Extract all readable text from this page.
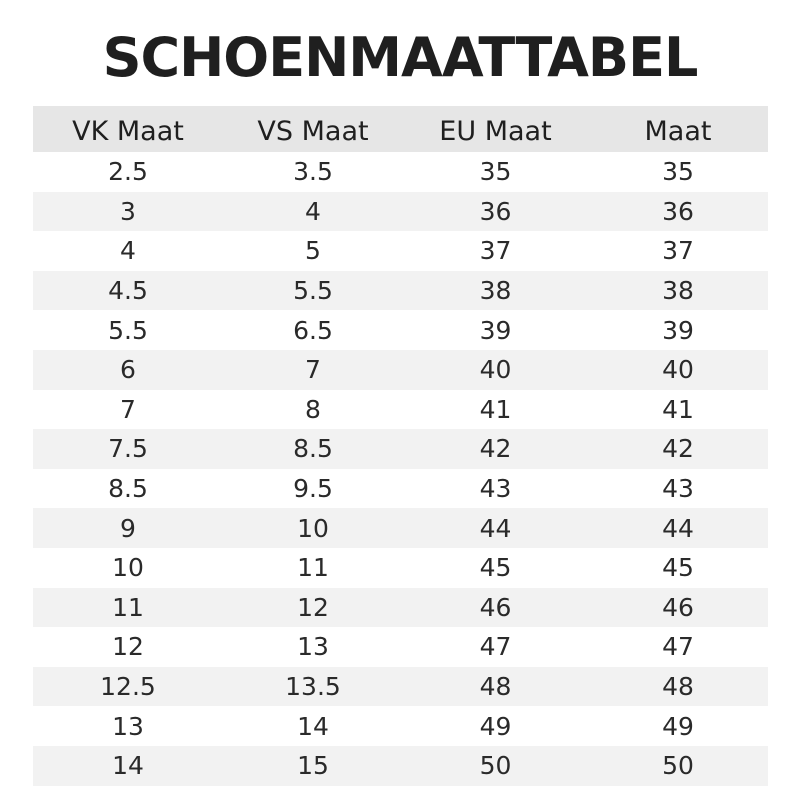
SCHOENMAATTABEL
VK Maat	VS Maat	EU Maat	Maat
2.5	3.5	35	35
3	4	36	36
4	5	37	37
4.5	5.5	38	38
5.5	6.5	39	39
6	7	40	40
7	8	41	41
7.5	8.5	42	42
8.5	9.5	43	43
9	10	44	44
10	11	45	45
11	12	46	46
12	13	47	47
12.5	13.5	48	48
13	14	49	49
14	15	50	50
